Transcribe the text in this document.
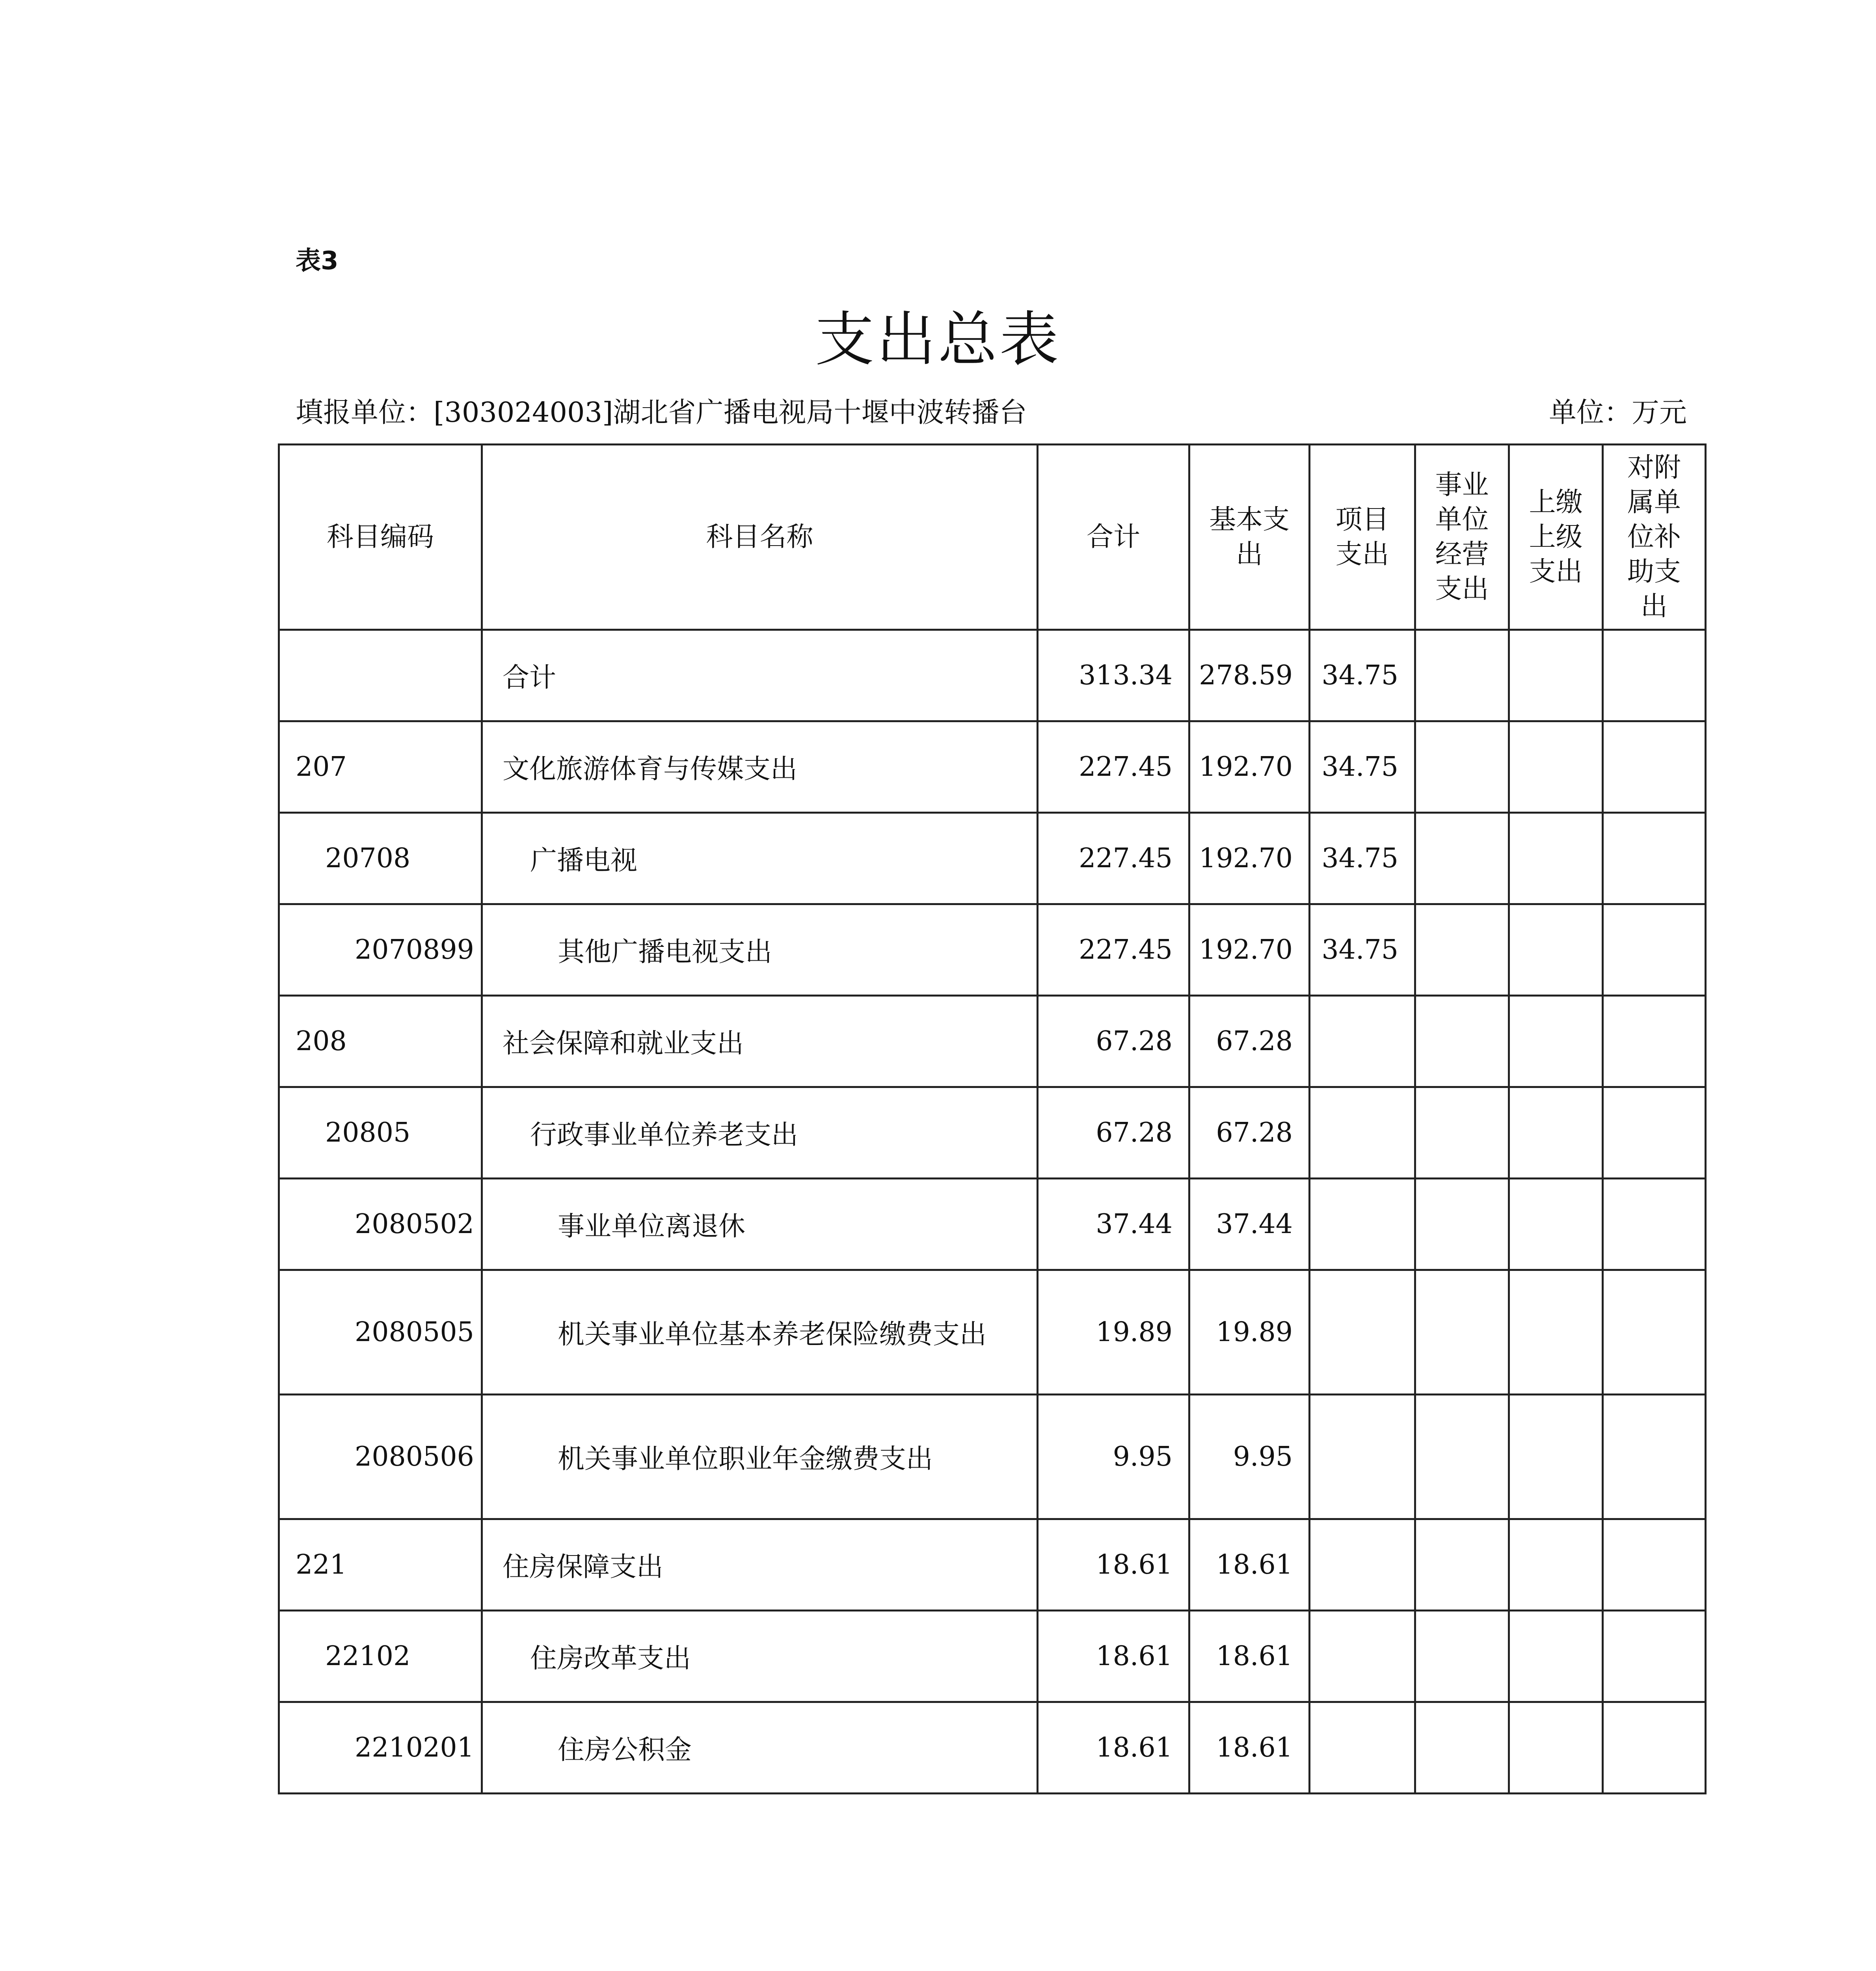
表3
支出总表
填报单位：[303024003]湖北省广播电视局十堰中波转播台	单位：万元
科目编码	科目名称	合计	基本支出	项目支出	事业单位经营支出	上缴上级支出	对附属单位补助支出
	合计	313.34	278.59	34.75			
207	文化旅游体育与传媒支出	227.45	192.70	34.75			
20708	广播电视	227.45	192.70	34.75			
2070899	其他广播电视支出	227.45	192.70	34.75			
208	社会保障和就业支出	67.28	67.28				
20805	行政事业单位养老支出	67.28	67.28				
2080502	事业单位离退休	37.44	37.44				
2080505	机关事业单位基本养老保险缴费支出	19.89	19.89				
2080506	机关事业单位职业年金缴费支出	9.95	9.95				
221	住房保障支出	18.61	18.61				
22102	住房改革支出	18.61	18.61				
2210201	住房公积金	18.61	18.61				
